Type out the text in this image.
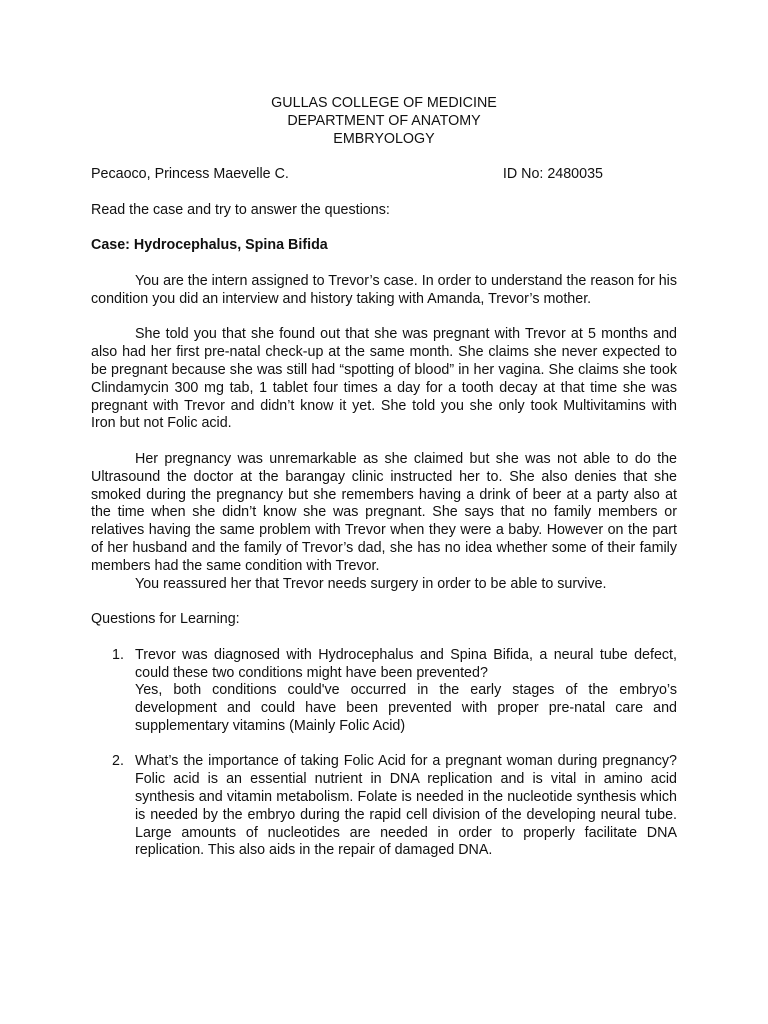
GULLAS COLLEGE OF MEDICINE

DEPARTMENT OF ANATOMY

EMBRYOLOGY

Pecaoco, Princess Maevelle C.	ID No: 2480035

Read the case and try to answer the questions:

Case: Hydrocephalus, Spina Bifida

You are the intern assigned to Trevor’s case. In order to understand the reason for his condition you did an interview and history taking with Amanda, Trevor’s mother.

She told you that she found out that she was pregnant with Trevor at 5 months and also had her first pre-natal check-up at the same month. She claims she never expected to be pregnant because she was still had “spotting of blood” in her vagina. She claims she took Clindamycin 300 mg tab, 1 tablet four times a day for a tooth decay at that time she was pregnant with Trevor and didn’t know it yet. She told you she only took Multivitamins with Iron but not Folic acid.

Her pregnancy was unremarkable as she claimed but she was not able to do the Ultrasound the doctor at the barangay clinic instructed her to. She also denies that she smoked during the pregnancy but she remembers having a drink of beer at a party also at the time when she didn’t know she was pregnant. She says that no family members or relatives having the same problem with Trevor when they were a baby. However on the part of her husband and the family of Trevor’s dad, she has no idea whether some of their family members had the same condition with Trevor.

You reassured her that Trevor needs surgery in order to be able to survive.

Questions for Learning:

1. Trevor was diagnosed with Hydrocephalus and Spina Bifida, a neural tube defect, could these two conditions might have been prevented?

Yes, both conditions could've occurred in the early stages of the embryo’s development and could have been prevented with proper pre-natal care and supplementary vitamins (Mainly Folic Acid)

2. What’s the importance of taking Folic Acid for a pregnant woman during pregnancy? Folic acid is an essential nutrient in DNA replication and is vital in amino acid synthesis and vitamin metabolism. Folate is needed in the nucleotide synthesis which is needed by the embryo during the rapid cell division of the developing neural tube. Large amounts of nucleotides are needed in order to properly facilitate DNA replication. This also aids in the repair of damaged DNA.
